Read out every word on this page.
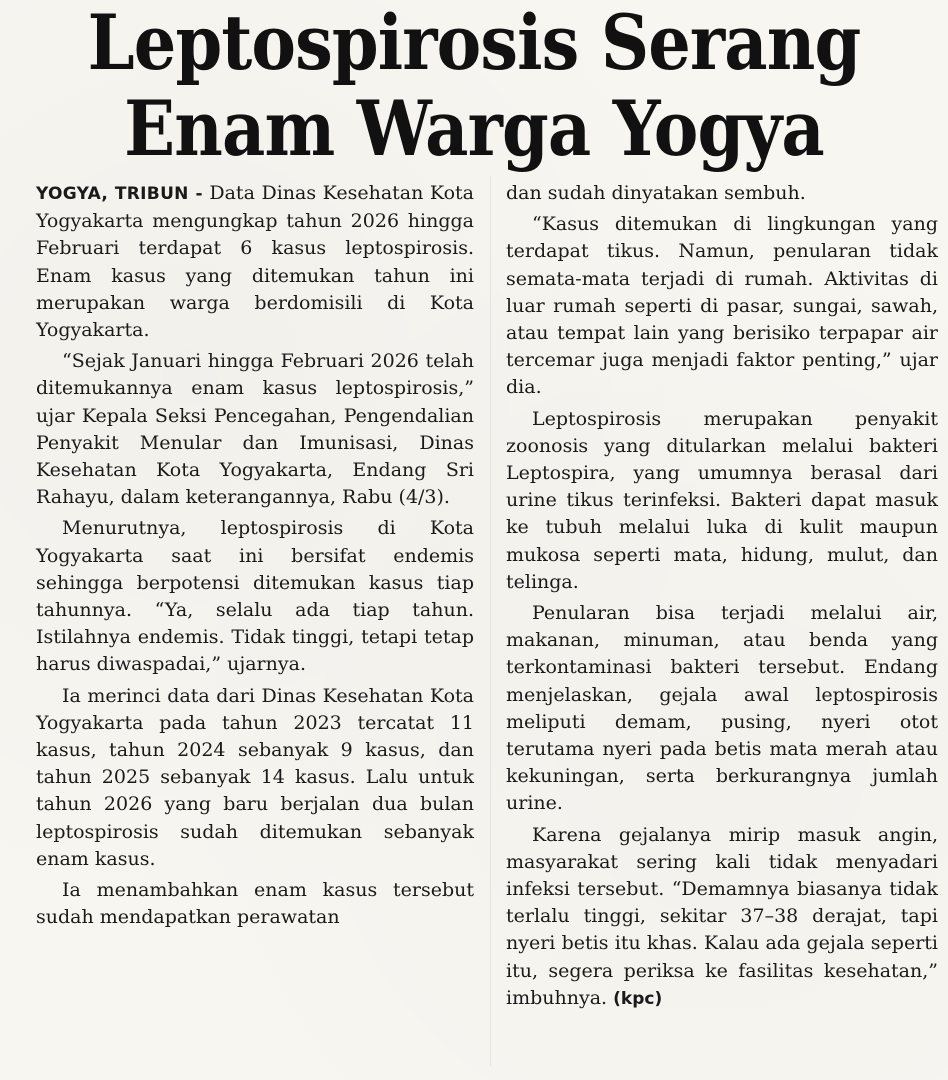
Leptospirosis Serang
Enam Warga Yogya

YOGYA, TRIBUN - Data Dinas Kesehatan Kota Yogyakarta mengungkap tahun 2026 hingga Februari terdapat 6 kasus leptospirosis. Enam kasus yang ditemukan tahun ini merupakan warga berdomisili di Kota Yogyakarta.

“Sejak Januari hingga Februari 2026 telah ditemukannya enam kasus leptospirosis,” ujar Kepala Seksi Pencegahan, Pengendalian Penyakit Menular dan Imunisasi, Dinas Kesehatan Kota Yogyakarta, Endang Sri Rahayu, dalam keterangannya, Rabu (4/3).

Menurutnya, leptospirosis di Kota Yogyakarta saat ini bersifat endemis sehingga berpotensi ditemukan kasus tiap tahunnya. “Ya, selalu ada tiap tahun. Istilahnya endemis. Tidak tinggi, tetapi tetap harus diwaspadai,” ujarnya.

Ia merinci data dari Dinas Kesehatan Kota Yogyakarta pada tahun 2023 tercatat 11 kasus, tahun 2024 sebanyak 9 kasus, dan tahun 2025 sebanyak 14 kasus. Lalu untuk tahun 2026 yang baru berjalan dua bulan leptospirosis sudah ditemukan sebanyak enam kasus.

Ia menambahkan enam kasus tersebut sudah mendapatkan perawatan

dan sudah dinyatakan sembuh.

“Kasus ditemukan di lingkungan yang terdapat tikus. Namun, penularan tidak semata-mata terjadi di rumah. Aktivitas di luar rumah seperti di pasar, sungai, sawah, atau tempat lain yang berisiko terpapar air tercemar juga menjadi faktor penting,” ujar dia.

Leptospirosis merupakan penyakit zoonosis yang ditularkan melalui bakteri Leptospira, yang umumnya berasal dari urine tikus terinfeksi. Bakteri dapat masuk ke tubuh melalui luka di kulit maupun mukosa seperti mata, hidung, mulut, dan telinga.

Penularan bisa terjadi melalui air, makanan, minuman, atau benda yang terkontaminasi bakteri tersebut. Endang menjelaskan, gejala awal leptospirosis meliputi demam, pusing, nyeri otot terutama nyeri pada betis mata merah atau kekuningan, serta berkurangnya jumlah urine.

Karena gejalanya mirip masuk angin, masyarakat sering kali tidak menyadari infeksi tersebut. “Demamnya biasanya tidak terlalu tinggi, sekitar 37–38 derajat, tapi nyeri betis itu khas. Kalau ada gejala seperti itu, segera periksa ke fasilitas kesehatan,” imbuhnya. (kpc)
